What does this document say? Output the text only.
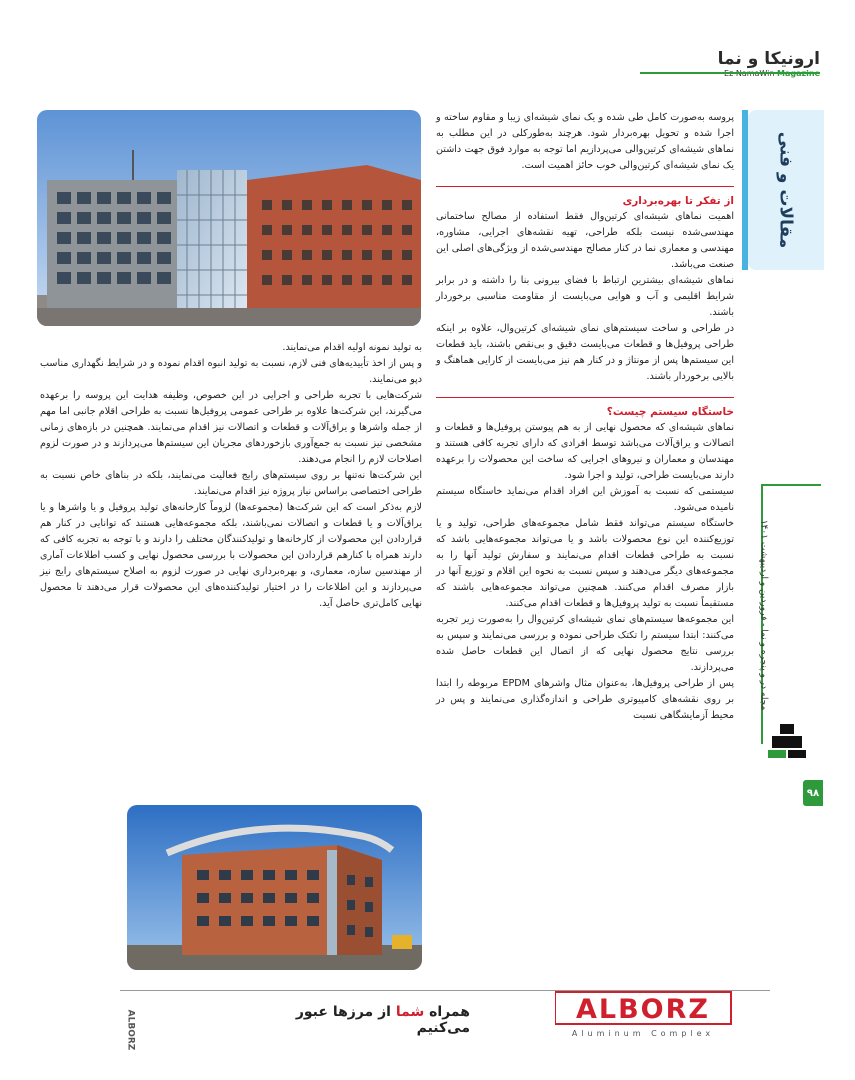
ارونیکا و نما
مقالات و فنی
مجله در و پنجره و نما - فروردین و اردیبهشت ۱۴۰۱
۹۸

پروسه به‌صورت کامل طی شده و یک نمای شیشه‌ای زیبا و مقاوم ساخته و اجرا شده و تحویل بهره‌بردار شود. هرچند به‌طورکلی در این مطلب به نماهای شیشه‌ای کرتین‌والی می‌پردازیم اما توجه به موارد فوق جهت داشتن یک نمای شیشه‌ای کرتین‌والی خوب حائز اهمیت است.

از تفکر تا بهره‌برداری

اهمیت نماهای شیشه‌ای کرتین‌وال فقط استفاده از مصالح ساختمانی مهندسی‌شده نیست بلکه طراحی، تهیه نقشه‌های اجرایی، مشاوره، مهندسی و معماری نما در کنار مصالح مهندسی‌شده از ویژگی‌های اصلی این صنعت می‌باشد.

نماهای شیشه‌ای بیشترین ارتباط با فضای بیرونی بنا را داشته و در برابر شرایط اقلیمی و آب و هوایی می‌بایست از مقاومت مناسبی برخوردار باشند.

در طراحی و ساخت سیستم‌های نمای شیشه‌ای کرتین‌وال، علاوه بر اینکه طراحی پروفیل‌ها و قطعات می‌بایست دقیق و بی‌نقص باشند، باید قطعات این سیستم‌ها پس از مونتاژ و در کنار هم نیز می‌بایست از کارایی هماهنگ و بالایی برخوردار باشند.

خاستگاه سیستم چیست؟

نماهای شیشه‌ای که محصول نهایی از به هم پیوستن پروفیل‌ها و قطعات و اتصالات و یراق‌آلات می‌باشد توسط افرادی که دارای تجربه کافی هستند و مهندسان و معماران و نیروهای اجرایی که ساخت این محصولات را برعهده دارند می‌بایست طراحی، تولید و اجرا شود.

سیستمی که نسبت به آموزش این افراد اقدام می‌نماید خاستگاه سیستم نامیده می‌شود.

خاستگاه سیستم می‌تواند فقط شامل مجموعه‌های طراحی، تولید و یا توزیع‌کننده این نوع محصولات باشد و یا می‌تواند مجموعه‌هایی باشد که نسبت به طراحی قطعات اقدام می‌نمایند و سفارش تولید آنها را به مجموعه‌های دیگر می‌دهند و سپس نسبت به نحوه این اقلام و توزیع آنها در بازار مصرف اقدام می‌کنند. همچنین می‌تواند مجموعه‌هایی باشند که مستقیماً نسبت به تولید پروفیل‌ها و قطعات اقدام می‌کنند.

این مجموعه‌ها سیستم‌های نمای شیشه‌ای کرتین‌وال را به‌صورت زیر تجربه می‌کنند: ابتدا سیستم را تکتک طراحی نموده و بررسی می‌نمایند و سپس به بررسی نتایج محصول نهایی که از اتصال این قطعات حاصل شده می‌پردازند.

پس از طراحی پروفیل‌ها، به‌عنوان مثال واشرهای EPDM مربوطه را ابتدا بر روی نقشه‌های کامپیوتری طراحی و اندازه‌گذاری می‌نمایند و پس در محیط آزمایشگاهی نسبت

به تولید نمونه اولیه اقدام می‌نمایند.

و پس از اخذ تأییدیه‌های فنی لازم، نسبت به تولید انبوه اقدام نموده و در شرایط نگهداری مناسب دپو می‌نمایند.

شرکت‌هایی با تجربه طراحی و اجرایی در این خصوص، وظیفه هدایت این پروسه را برعهده می‌گیرند، این شرکت‌ها علاوه بر طراحی عمومی پروفیل‌ها نسبت به طراحی اقلام جانبی اما مهم از جمله واشرها و یراق‌آلات و قطعات و اتصالات نیز اقدام می‌نمایند. همچنین در بازه‌های زمانی مشخصی نیز نسبت به جمع‌آوری بازخوردهای مجریان این سیستم‌ها می‌پردازند و در صورت لزوم اصلاحات لازم را انجام می‌دهند.

این شرکت‌ها نه‌تنها بر روی سیستم‌های رایج فعالیت می‌نمایند، بلکه در بناهای خاص نسبت به طراحی اختصاصی براساس نیاز پروژه نیز اقدام می‌نمایند.

لازم به‌ذکر است که این شرکت‌ها (مجموعه‌ها) لزوماً کارخانه‌های تولید پروفیل و یا واشرها و یا یراق‌آلات و یا قطعات و اتصالات نمی‌باشند، بلکه مجموعه‌هایی هستند که توانایی در کنار هم قراردادن این محصولات از کارخانه‌ها و تولیدکنندگان مختلف را دارند و با توجه به تجربه کافی که دارند همراه با کنارهم قراردادن این محصولات با بررسی محصول نهایی و کسب اطلاعات آماری از مهندسین سازه، معماری، و بهره‌برداری نهایی در صورت لزوم به اصلاح سیستم‌های رایج نیز می‌پردازند و این اطلاعات را در اختیار تولیدکننده‌های این محصولات قرار می‌دهند تا محصول نهایی کامل‌تری حاصل آید.

ALBORZ	همراه شما از مرزها عبور می‌کنیم
ALBORZ
Aluminum Complex
